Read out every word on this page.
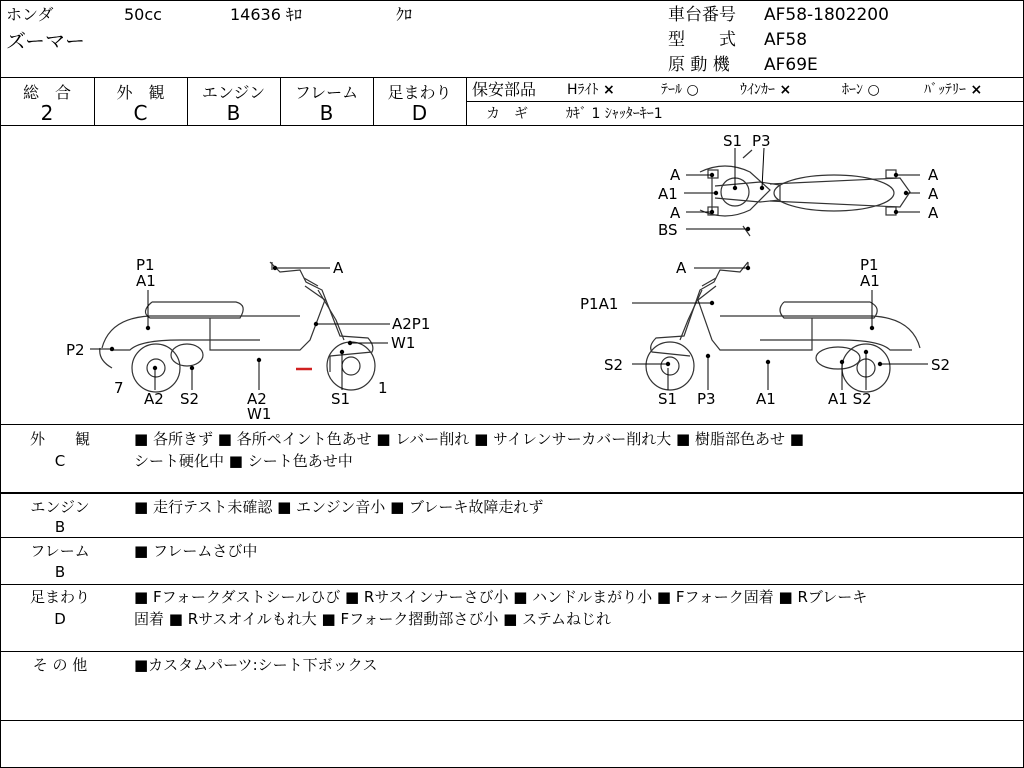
ホンダ	50cc	14636 ｷﾛ	ｸﾛ
ズーマー
車台番号 AF58-1802200
型　　式 AF58
原 動 機 AF69E
総　合
2
外　観
C
エンジン
B
フレーム
B
足まわり
D
保安部品 Hﾗｲﾄ ×	ﾃｰﾙ ○	ｳｲﾝｶｰ ×	ﾎｰﾝ ○	ﾊﾞｯﾃﾘｰ ×
カ　ギ	ｶｷﾞ 1 ｼｬｯﾀｰｷｰ1
S1 P3
A
A1
A
BS
A
A
A
P1
A1
A
A2P1
W1
P2
7
A2 S2	A2
W1
S1
1
A	P1
A1
P1A1
S2
S1 P3	A1	A1 S2
S2
外　　観
C
■ 各所きず ■ 各所ペイント色あせ ■ レバー削れ ■ サイレンサーカバー削れ大 ■ 樹脂部色あせ ■
シート硬化中 ■ シート色あせ中
エンジン
B
■ 走行テスト未確認 ■ エンジン音小 ■ ブレーキ故障走れず
フレーム
B
■ フレームさび中
足まわり
D
■ Fフォークダストシールひび ■ Rサスインナーさび小 ■ ハンドルまがり小 ■ Fフォーク固着 ■ Rブレーキ
固着 ■ Rサスオイルもれ大 ■ Fフォーク摺動部さび小 ■ ステムねじれ
そ の 他	■カスタムパーツ:シート下ボックス
